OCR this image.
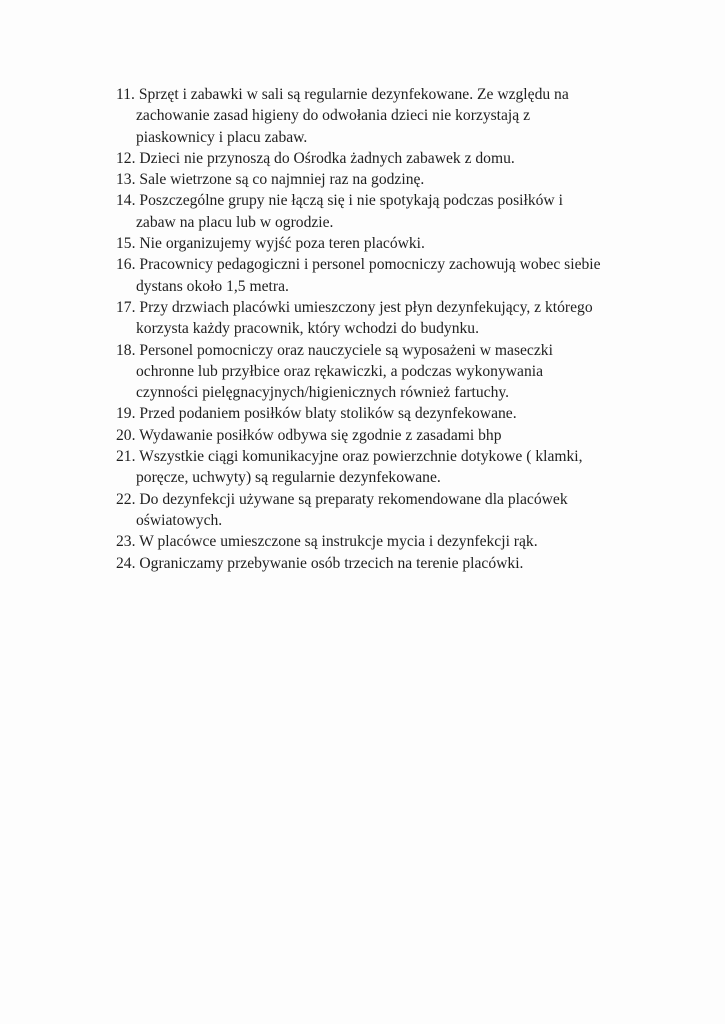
11. Sprzęt i zabawki w sali są regularnie dezynfekowane. Ze względu na
zachowanie zasad higieny do odwołania dzieci nie korzystają z
piaskownicy i placu zabaw.
12. Dzieci nie przynoszą do Ośrodka żadnych zabawek z domu.
13. Sale wietrzone są co najmniej raz na godzinę.
14. Poszczególne grupy nie łączą się i nie spotykają podczas posiłków i
zabaw na placu lub w ogrodzie.
15. Nie organizujemy wyjść poza teren placówki.
16. Pracownicy pedagogiczni i personel pomocniczy zachowują wobec siebie
dystans około 1,5 metra.
17. Przy drzwiach placówki umieszczony jest płyn dezynfekujący, z którego
korzysta każdy pracownik, który wchodzi do budynku.
18. Personel pomocniczy oraz nauczyciele są wyposażeni w maseczki
ochronne lub przyłbice oraz rękawiczki, a podczas wykonywania
czynności pielęgnacyjnych/higienicznych również fartuchy.
19. Przed podaniem posiłków blaty stolików są dezynfekowane.
20. Wydawanie posiłków odbywa się zgodnie z zasadami bhp
21. Wszystkie ciągi komunikacyjne oraz powierzchnie dotykowe ( klamki,
poręcze, uchwyty) są regularnie dezynfekowane.
22. Do dezynfekcji używane są preparaty rekomendowane dla placówek
oświatowych.
23. W placówce umieszczone są instrukcje mycia i dezynfekcji rąk.
24. Ograniczamy przebywanie osób trzecich na terenie placówki.
